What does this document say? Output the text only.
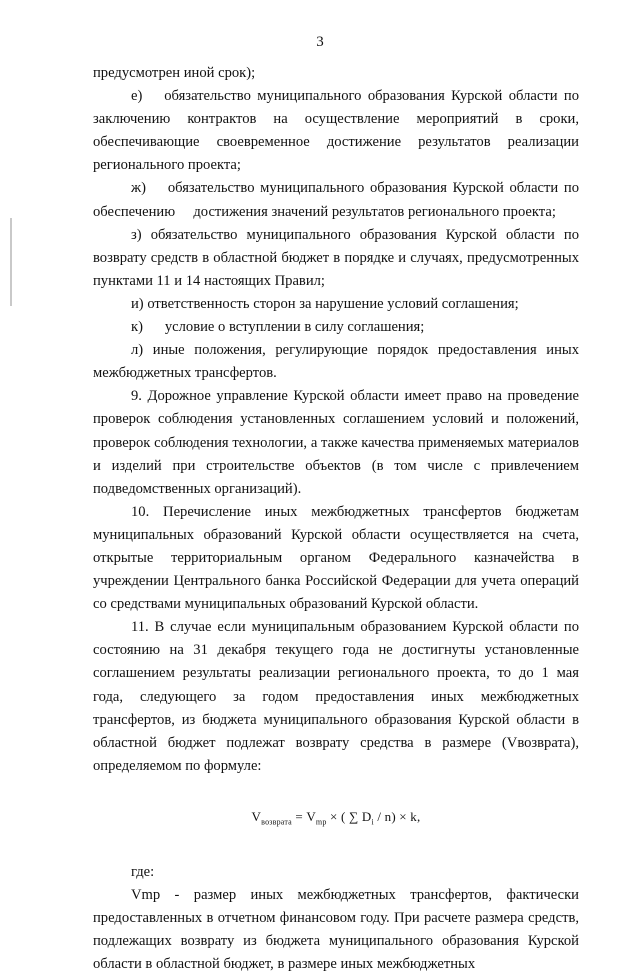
3

предусмотрен иной срок);

е)  обязательство муниципального образования Курской области по заключению контрактов на осуществление мероприятий в сроки, обеспечивающие своевременное достижение результатов реализации регионального проекта;

ж)  обязательство муниципального образования Курской области по обеспечению  достижения значений результатов регионального проекта;

з) обязательство муниципального образования Курской области по возврату средств в областной бюджет в порядке и случаях, предусмотренных пунктами 11 и 14 настоящих Правил;

и) ответственность сторон за нарушение условий соглашения;

к)  условие о вступлении в силу соглашения;

л) иные положения, регулирующие порядок предоставления иных межбюджетных трансфертов.

9. Дорожное управление Курской области имеет право на проведение проверок соблюдения установленных соглашением условий и положений, проверок соблюдения технологии, а также качества применяемых материалов и изделий при строительстве объектов (в том числе с привлечением подведомственных организаций).

10. Перечисление иных межбюджетных трансфертов бюджетам муниципальных образований Курской области осуществляется на счета, открытые территориальным органом Федерального казначейства в учреждении Центрального банка Российской Федерации для учета операций со средствами муниципальных образований Курской области.

11. В случае если муниципальным образованием Курской области по состоянию на 31 декабря текущего года не достигнуты установленные соглашением результаты реализации регионального проекта, то до 1 мая года, следующего за годом предоставления иных межбюджетных трансфертов, из бюджета муниципального образования Курской области в областной бюджет подлежат возврату средства в размере (Vвозврата), определяемом по формуле:

$V_{возврата} = V_{mp}$ × ( ∑ $D_i / n) \times k$,

где:

Vmp - размер иных межбюджетных трансфертов, фактически предоставленных в отчетном финансовом году. При расчете размера средств, подлежащих возврату из бюджета муниципального образования Курской области в областной бюджет, в размере иных межбюджетных
